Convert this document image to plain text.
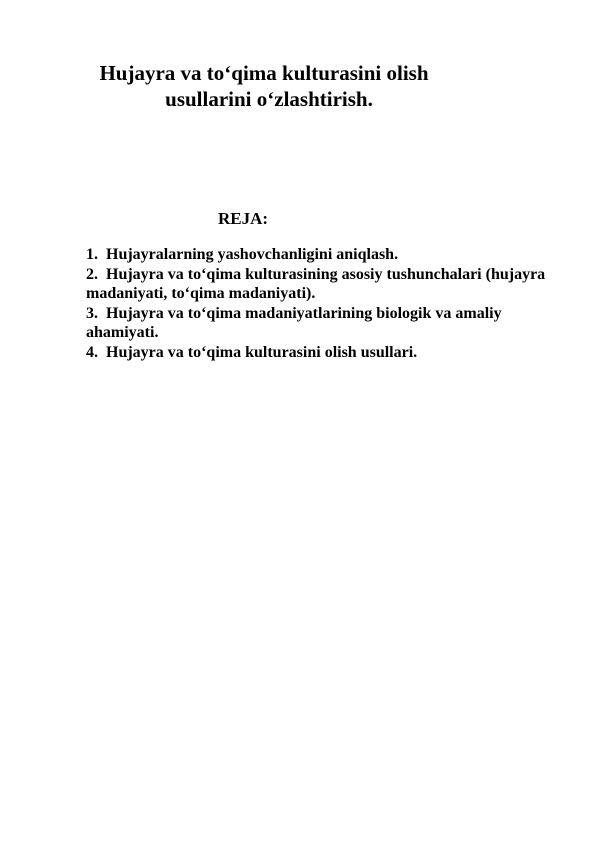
Hujayra va to‘qima kulturasini olish
usullarini o‘zlashtirish.
REJA:
1. Hujayralarning yashovchanligini aniqlash.
2. Hujayra va to‘qima kulturasining asosiy tushunchalari (hujayra madaniyati, to‘qima madaniyati).
3. Hujayra va to‘qima madaniyatlarining biologik va amaliy ahamiyati.
4. Hujayra va to‘qima kulturasini olish usullari.
